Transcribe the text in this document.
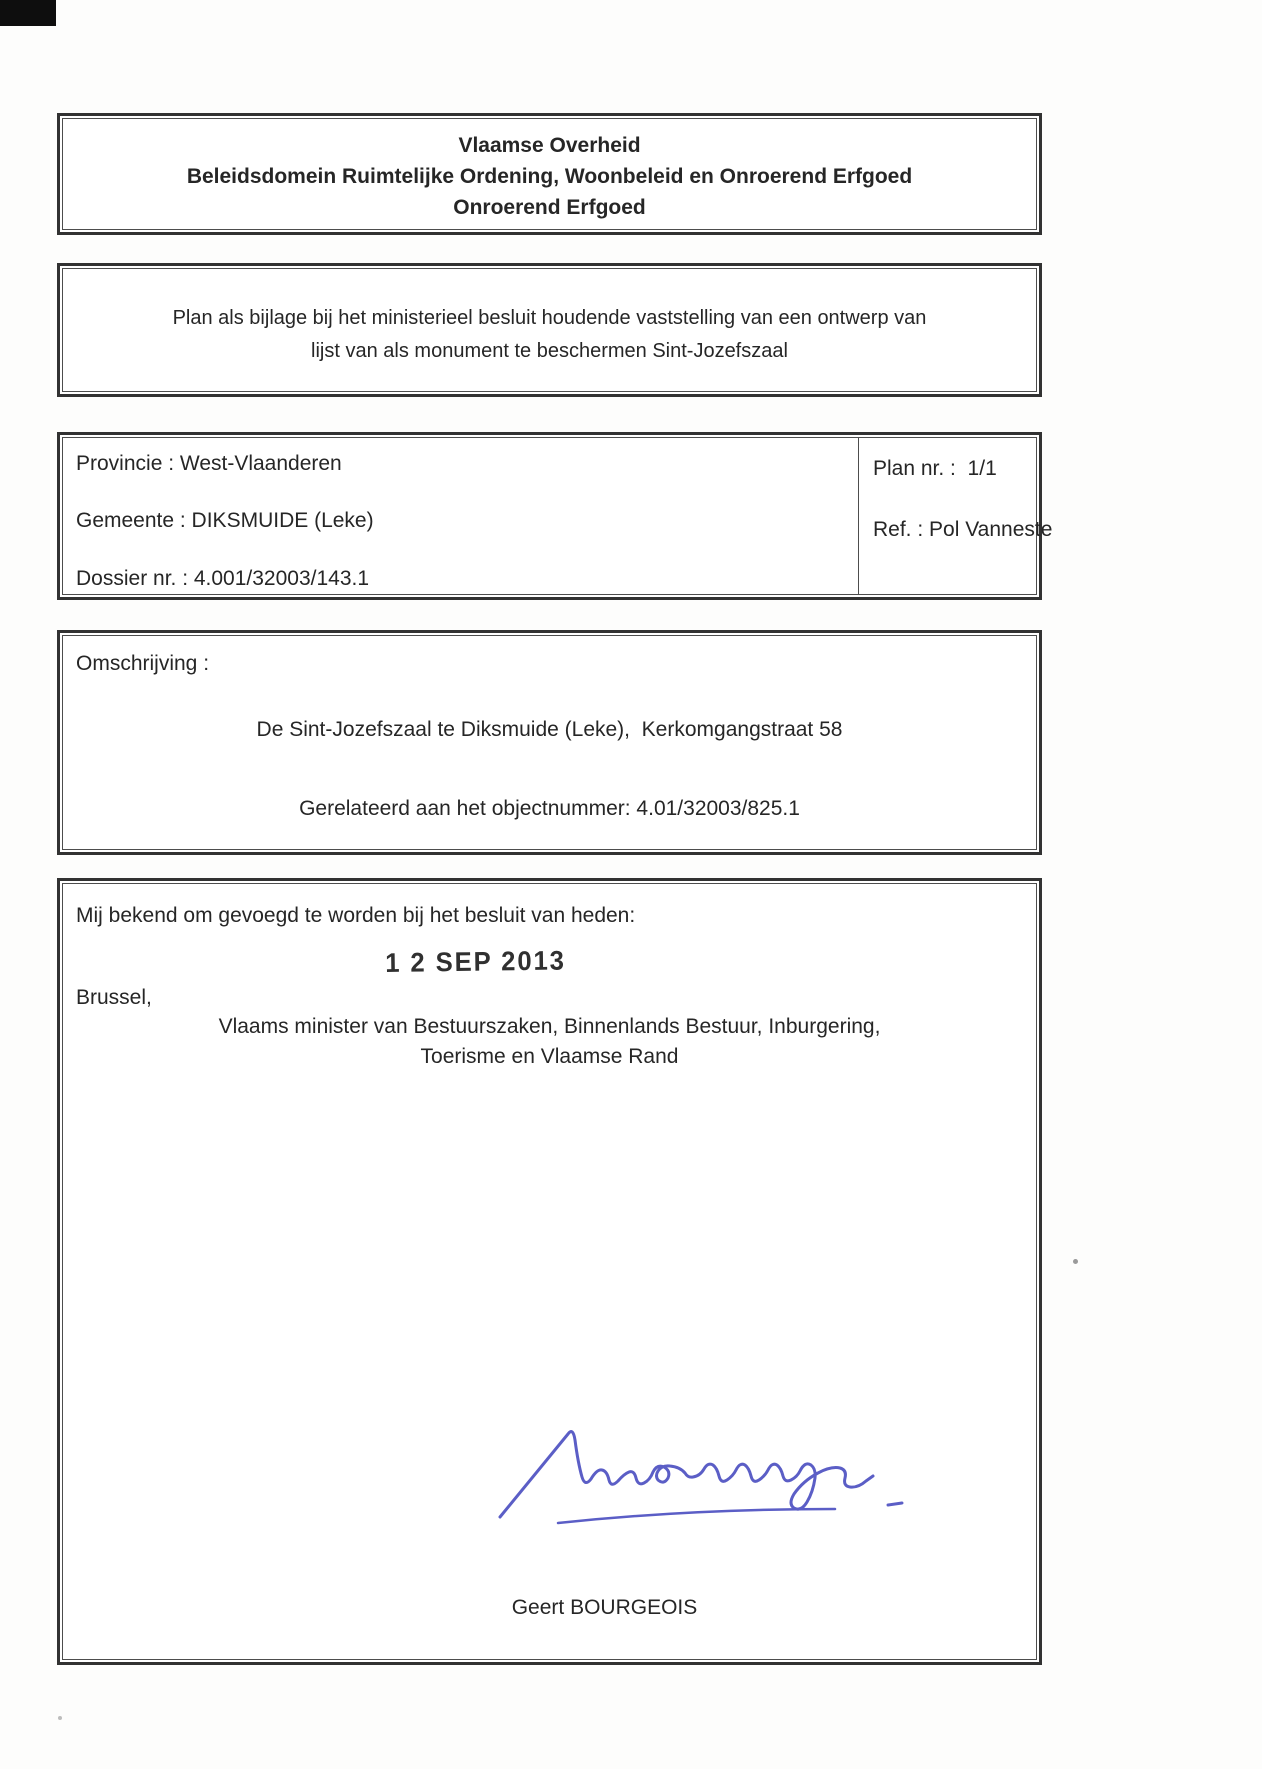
Vlaamse Overheid
Beleidsdomein Ruimtelijke Ordening, Woonbeleid en Onroerend Erfgoed
Onroerend Erfgoed
Plan als bijlage bij het ministerieel besluit houdende vaststelling van een ontwerp van
lijst van als monument te beschermen Sint-Jozefszaal
Provincie : West-Vlaanderen
Gemeente : DIKSMUIDE (Leke)
Dossier nr. : 4.001/32003/143.1
Plan nr. :  1/1
Ref. : Pol Vanneste
Omschrijving :
De Sint-Jozefszaal te Diksmuide (Leke),  Kerkomgangstraat 58
Gerelateerd aan het objectnummer: 4.01/32003/825.1
Mij bekend om gevoegd te worden bij het besluit van heden:
1 2 SEP 2013
Brussel,
Vlaams minister van Bestuurszaken, Binnenlands Bestuur, Inburgering,
Toerisme en Vlaamse Rand
Geert BOURGEOIS
